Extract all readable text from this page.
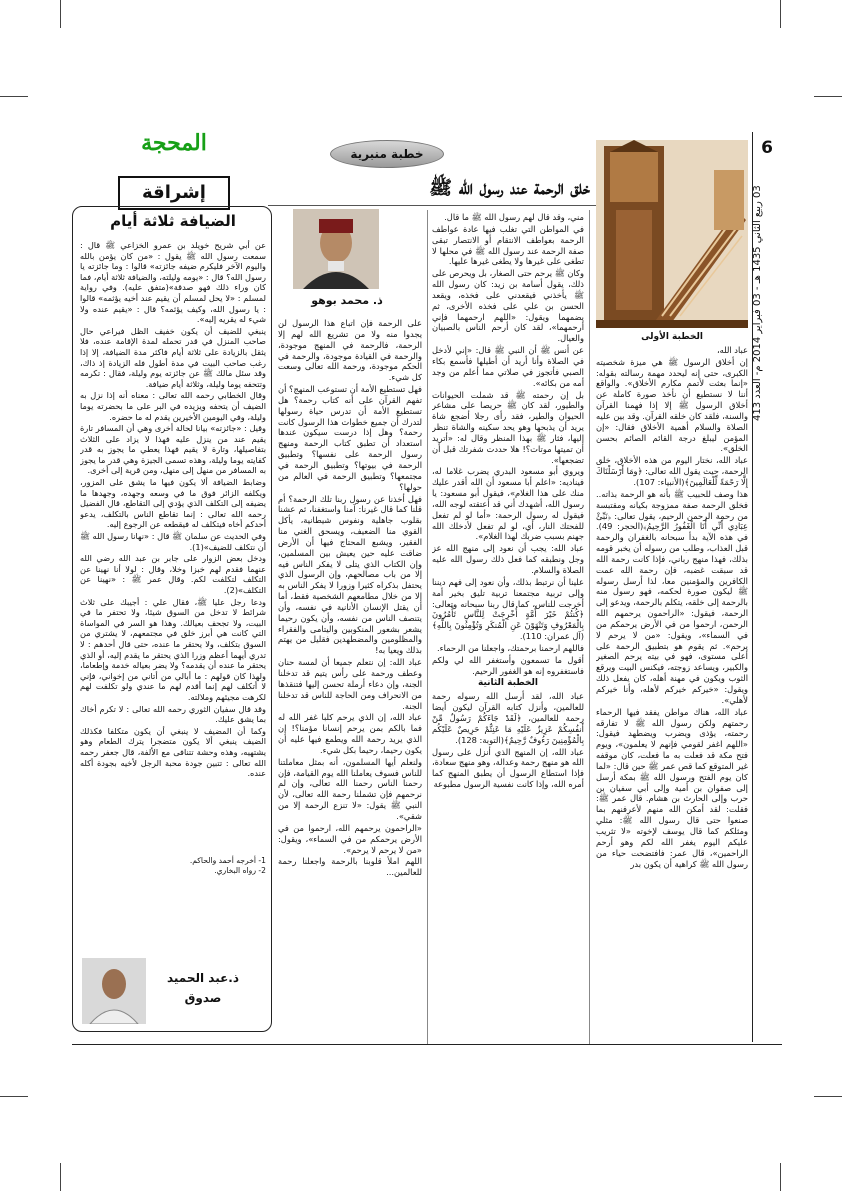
6
03 ربيع الثاني 1435 هـ - 03 فبراير 2014 م- العدد 413
المحجة	خطبة منبرية
خلق الرحمة عند رسول الله ﷺ
ذ. محمد بوهو
إشراقة
الضيافة ثلاثة أيام

عن أبي شريح خويلد بن عمرو الخزاعي ﷺ قال : سمعت رسول الله ﷺ يقول : «من كان يؤمن بالله واليوم الآخر فليكرم ضيفه جائزته» قالوا : وما جائزته يا رسول الله؟ قال : «يومه وليلته، والضيافة ثلاثة أيام، فما كان وراء ذلك فهو صدقة»(متفق عليه). وفي رواية لمسلم : «لا يحل لمسلم أن يقيم عند أخيه يؤثمه» قالوا : يا رسول الله، وكيف يؤثمه؟ قال : «يقيم عنده ولا شيء له يقريه إليه».

ينبغي للضيف أن يكون خفيف الظل فيراعي حال صاحب المنزل في قدر تحمله لمدة الإقامة عنده، فلا يثقل بالزيادة على ثلاثة أيام فاكثر مدة الضيافة، إلا إذا رغب صاحب البيت في مدة أطول فله الزيادة إذ ذاك، وقد سئل مالك ﷺ عن جائزته يوم وليلة، فقال : تكرمه وتتحفه يوما وليلة، وثلاثة أيام ضيافة.

وقال الخطابي رحمه الله تعالى : معناه أنه إذا نزل به الضيف أن يتحفه ويزيده في البر على ما بحضرته يوما وليلة، وفي اليومين الأخيرين يقدم له ما حضره.

وقيل : «جائزته» بيانا لحالة أخرى وهي أن المسافر تارة يقيم عند من ينزل عليه فهذا لا يزاد على الثلاث بتفاصيلها، وتارة لا يقيم فهذا يعطي ما يجوز به قدر كفايته يوما وليلة، وهذه تسمى الجيزة وهي قدر ما يجوز به المسافر من منهل إلى منهل، ومن قرية إلى أخرى.

وضابط الضيافة ألا يكون فيها ما يشق على المزور، ويكلفه الزائر فوق ما في وسعه وجهده، وجهدها ما يضيفه إلى التكلف الذي يؤدي إلى التقاطع، قال الفضيل رحمه الله تعالى : إنما تقاطع الناس بالتكلف، يدعو أحدكم أخاه فيتكلف له فيقطعه عن الرجوع إليه.

وفي الحديث عن سلمان ﷺ قال : «نهانا رسول الله ﷺ أن نتكلف للضيف»(1).

ودخل بعض الزوار على جابر بن عبد الله رضي الله عنهما فقدم لهم خبزا وخلا، وقال : لولا أنا نهينا عن التكلف لتكلفت لكم. وقال عمر ﷺ : «نهينا عن التكلف»(2).

ودعا رجل عليا ﷺ، فقال علي : أجيبك على ثلاث شرائط لا تدخل من السوق شيئا، ولا تحتفر ما في البيت، ولا تجحف بعيالك. وهذا هو السر في المواساة التي كانت هي أبرز خلق في مجتمعهم، لا يشتري من السوق بتكلف، ولا يحتقر ما عنده، حتى قال أحدهم : لا تدري أيهما أعظم وزرا الذي يحتقر ما يقدم إليه، أو الذي يحتقر ما عنده أن يقدمه؟ ولا يضر بعياله خدمة وإطعاما، ولهذا كان قولهم : ما أبالي من أتاني من إخواني، فإني لا أتكلف لهم إنما أقدم لهم ما عندي ولو تكلفت لهم لكرهت مجيئهم وملالته.

وقد قال سفيان الثوري رحمه الله تعالى : لا تكرم أخاك بما يشق عليك.

وكما أن المضيف لا ينبغي أن يكون متكلفا فكذلك الضيف ينبغي ألا يكون متضجرا يترك الطعام وهو يشتهيه، وهذه وحشة تتنافى مع الألفة، قال جعفر رحمه الله تعالى : تتبين جودة محبة الرجل لأخيه بجودة أكله عنده.

1- أخرجه أحمد والحاكم.
2- رواه البخاري.
ذ.عبد الحميد
صدوق

الخطبة الأولى

عباد الله،

إن أخلاق الرسول ﷺ هي ميزة شخصيته الكبرى، حتى إنه ليحدد مهمة رسالته بقوله: «إنما بعثت لأتمم مكارم الأخلاق». والواقع أننا لا نستطيع أن نأخذ صورة كاملة عن أخلاق الرسول ﷺ إلا إذا فهمنا القرآن والسنة، فلقد كان خلقه القرآن. وقد بين عليه الصلاة والسلام أهمية الأخلاق فقال: «إن المؤمن ليبلغ درجة القائم الصائم بحسن الخلق».

عباد الله، نختار اليوم من هذه الأخلاق، خلق الرحمة، حيث يقول الله تعالى: ﴿ومَا أَرْسَلْنَاكَ إِلَّا رَحْمَةً لِّلْعَالَمِينَ﴾(الأنبياء: 107).

هذا وصف للحبيب ﷺ بأنه هو الرحمة بذاته.. فخلق الرحمة صفة ممزوجة بكيانه ومقتبسة من رحمة الرحمن الرحيم، يقول تعالى: ﴿نَبِّئْ عِبَادِي أَنِّي أَنَا الْغَفُورُ الرَّحِيمُ﴾(الحجر: 49). في هذه الآية بدأ سبحانه بالغفران والرحمة قبل العذاب، وطلب من رسوله أن يخبر قومه بذلك، فهذا منهج رباني، فإذا كانت رحمة الله قد سبقت غضبه، فإن رحمة الله عمت الكافرين والمؤمنين معا، لذا أرسل رسوله ﷺ ليكون صورة لحكمه، فهو رسول منه بالرحمة إلى خلقه، يتكلم بالرحمة، ويدعو إلى الرحمة، فيقول: «الراحمون يرحمهم الله الرحمن، ارحموا من في الأرض يرحمكم من في السماء»، ويقول: «من لا يرحم لا يرحم». ثم يقوم هو بتطبيق الرحمة على أعلى مستوى، فهو في بيته يرحم الصغير والكبير، ويساعد زوجته، فيكنس البيت ويرقع الثوب ويكون في مهنة أهله، كان يفعل ذلك ويقول: «خيركم خيركم لأهله، وأنا خيركم لأهلي».

عباد الله، هناك مواطن يفقد فيها الرحماء رحمتهم ولكن رسول الله ﷺ لا تفارقه رحمته، يؤذى ويضرب ويضطهد فيقول: «اللهم اغفر لقومي فإنهم لا يعلمون»، ويوم فتح مكة قد فعلت به ما فعلت، كان موقفه غير المتوقع كما قص عمر ﷺ حين قال: «لما كان يوم الفتح ورسول الله ﷺ بمكة أرسل إلى صفوان بن أمية وإلى أبي سفيان بن حرب وإلى الحارث بن هشام. قال عمر ﷺ: فقلت: لقد أمكن الله منهم لأعرفنهم بما صنعوا حتى قال رسول الله ﷺ: مثلي ومثلكم كما قال يوسف لإخوته «لا تثريب عليكم اليوم يغفر الله لكم وهو أرحم الراحمين»، قال عمر: فافتضحت حياء من رسول الله ﷺ كراهية أن يكون بدر

مني، وقد قال لهم رسول الله ﷺ ما قال.

في المواطن التي تغلب فيها عادة عواطف الرحمة بعواطف الانتقام أو الانتصار تبقى صفة الرحمة عند رسول الله ﷺ في محلها لا تطغى على غيرها ولا يطغى غيرها عليها.

وكان ﷺ يرحم حتى الصغار، بل ويحرص على ذلك، يقول أسامة بن زيد: كان رسول الله ﷺ يأخذني فيقعدني على فخذه، ويقعد الحسن بن علي على فخذه الأخرى، ثم يضمهما ويقول: «اللهم ارحمهما فإني أرحمهما»، لقد كان أرحم الناس بالصبيان والعيال.

عن أنس ﷺ أن النبي ﷺ قال: «إني لأدخل في الصلاة وأنا أريد أن أطيلها فأسمع بكاء الصبي فأتجوز في صلاتي مما أعلم من وجد أمه من بكائه».

بل إن رحمته ﷺ قد شملت الحيوانات والطيور، لقد كان ﷺ حريصا على مشاعر الحيوان والطير، فقد رأى رجلا أضجع شاة يريد أن يذبحها وهو يحد سكينه والشاة تنظر إليها، فثار ﷺ بهذا المنظر وقال له: «أتريد أن تميتها موتات؟! هلا حددت شفرتك قبل أن تضجعها».

ويروي أبو مسعود البدري يضرب غلاما له، فيناديه: «اعلم أبا مسعود أن الله أقدر عليك منك على هذا الغلام»، فيقول أبو مسعود: يا رسول الله، أشهدك أني قد أعتقته لوجه الله، فيقول له رسول الرحمة: «أما لو لم تفعل للفحتك النار، أي، لو لم تفعل لأدخلك الله جهنم بسبب ضربك لهذا الغلام».

عباد الله: يجب أن نعود إلى منهج الله عز وجل ونطبقه كما فعل ذلك رسول الله عليه الصلاة والسلام.

علينا أن نرتبط بذلك، وأن نعود إلى فهم ديننا وإلى تربية مجتمعنا تربية تليق بخير أمة أخرجت للناس، كما قال ربنا سبحانه وتعالى: ﴿كُنتُمْ خَيْرَ أُمَّةٍ أُخْرِجَتْ لِلنَّاسِ تَأْمُرُونَ بِالْمَعْرُوفِ وَتَنْهَوْنَ عَنِ الْمُنكَرِ وَتُؤْمِنُونَ بِاللَّهِ﴾(آل عمران: 110).

فاللهم ارحمنا برحمتك، واجعلنا من الرحماء.

أقول ما تسمعون وأستغفر الله لي ولكم فاستغفروه إنه هو الغفور الرحيم.

الخطبة الثانية

عباد الله، لقد أرسل الله رسوله رحمة للعالمين، وأنزل كتابه القرآن ليكون أيضا رحمة للعالمين، ﴿لَقَدْ جَاءَكُمْ رَسُولٌ مِّنْ أَنفُسِكُمْ عَزِيزٌ عَلَيْهِ مَا عَنِتُّمْ حَرِيصٌ عَلَيْكُم بِالْمُؤْمِنِينَ رَءُوفٌ رَّحِيمٌ﴾(التوبة: 128).

عباد الله، إن المنهج الذي أنزل على رسول الله هو منهج رحمة وعدالة، وهو منهج سعادة، فإذا استطاع الرسول أن يطبق المنهج كما أمره الله، وإذا كانت نفسية الرسول مطبوعة

على الرحمة فإن اتباع هذا الرسول لن يجدوا منه ولا من تشريع الله لهم إلا الرحمة، فالرحمة في المنهج موجودة، والرحمة في القيادة موجودة، والرحمة في الحكم موجودة، ورحمة الله تعالى وسعت كل شيء.

فهل تستطيع الأمة أن تستوعب المنهج؟ أن تفهم القرآن على أنه كتاب رحمة؟ هل تستطيع الأمة أن تدرس حياة رسولها لتدرك أن جميع خطوات هذا الرسول كانت رحمة؟ وهل إذا درست سيكون عندها استعداد أن تطبق كتاب الرحمة ومنهج رسول الرحمة على نفسها؟ وتطبيق الرحمة في بيوتها؟ وتطبيق الرحمة في مجتمعها؟ وتطبيق الرحمة في العالم من حولها؟

فهل أخذنا عن رسول ربنا تلك الرحمة؟ أم قلنا كما قال غيرنا: آمنا واستغفنا، ثم عشنا بقلوب جاهلية ونفوس شيطانية، يأكل القوي منا الضعيف، ويسحق الغني منا الفقير، ويشبع المحتاج فيها أن الأرض ضاقت عليه حين يعيش بين المسلمين، وإن الكتاب الذي يتلى لا يفكر الناس فيه إلا من باب مصالحهم، وإن الرسول الذي يحتفل بذكراه كثيرا وزورا لا يفكر الناس به إلا من خلال مطامعهم الشخصية فقط، أما أن يقتل الإنسان الأنانية في نفسه، وأن يتنصف الناس من نفسه، وأن يكون رحيما يشعر بشعور المنكوبين واليتامى والفقراء والمظلومين والمضطهدين فقليل من يهتم بذلك ويعيا به!

عباد الله: إن نتعلم جميعا أن لمسة حنان وعطف ورحمة على رأس يتيم قد تدخلنا الجنة، وإن دعاء أرملة تحسن إليها فتنقذها من الانحراف ومن الحاجة للناس قد تدخلنا الجنة.

عباد الله، إن الذي يرحم كلبا غفر الله له فما بالكم بمن يرحم إنسانا مؤمنا؟! إن الذي يريد رحمة الله ويطمع فيها عليه أن يكون رحيما، رحيما بكل شيء.

ولنعلم أيها المسلمون، أنه بمثل معاملتنا للناس فسوف يعاملنا الله يوم القيامة، فإن رحمنا الناس رحمنا الله تعالى، وإن لم نرحمهم فإن تشملنا رحمة الله تعالى، لأن النبي ﷺ يقول: «لا تنزع الرحمة إلا من شقي».

«الراحمون يرحمهم الله، ارحموا من في الأرض يرحمكم من في السماء»، ويقول: «من لا يرحم لا يرحم».

اللهم املأ قلوبنا بالرحمة واجعلنا رحمة للعالمين...
